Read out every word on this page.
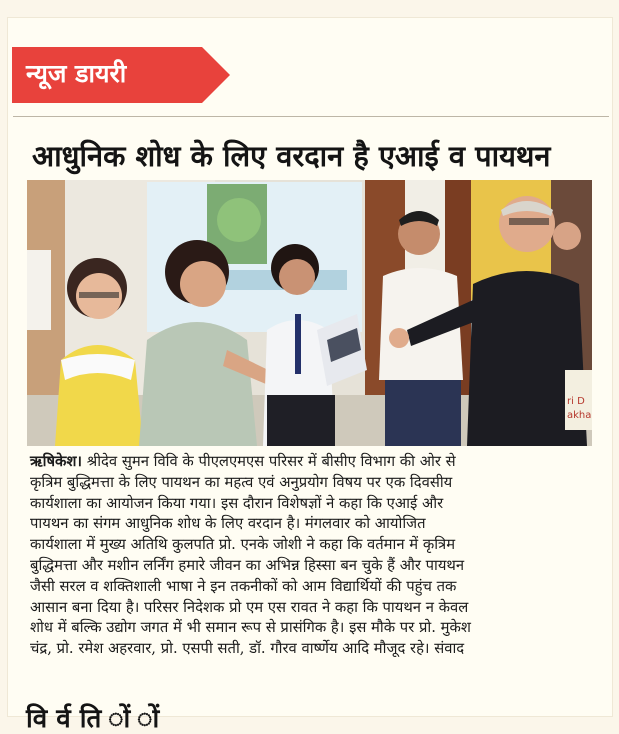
न्यूज डायरी
आधुनिक शोध के लिए वरदान है एआई व पायथन
ri D
akha
ऋषिकेश। श्रीदेव सुमन विवि के पीएलएमएस परिसर में बीसीए विभाग की ओर से
कृत्रिम बुद्धिमत्ता के लिए पायथन का महत्व एवं अनुप्रयोग विषय पर एक दिवसीय
कार्यशाला का आयोजन किया गया। इस दौरान विशेषज्ञों ने कहा कि एआई और
पायथन का संगम आधुनिक शोध के लिए वरदान है। मंगलवार को आयोजित
कार्यशाला में मुख्य अतिथि कुलपति प्रो. एनके जोशी ने कहा कि वर्तमान में कृत्रिम
बुद्धिमत्ता और मशीन लर्निंग हमारे जीवन का अभिन्न हिस्सा बन चुके हैं और पायथन
जैसी सरल व शक्तिशाली भाषा ने इन तकनीकों को आम विद्यार्थियों की पहुंच तक
आसान बना दिया है। परिसर निदेशक प्रो एम एस रावत ने कहा कि पायथन न केवल
शोध में बल्कि उद्योग जगत में भी समान रूप से प्रासंगिक है। इस मौके पर प्रो. मुकेश
चंद्र, प्रो. रमेश अहरवार, प्रो. एसपी सती, डॉ. गौरव वार्ष्णेय आदि मौजूद रहे। संवाद
वि र्व ति ों ों
